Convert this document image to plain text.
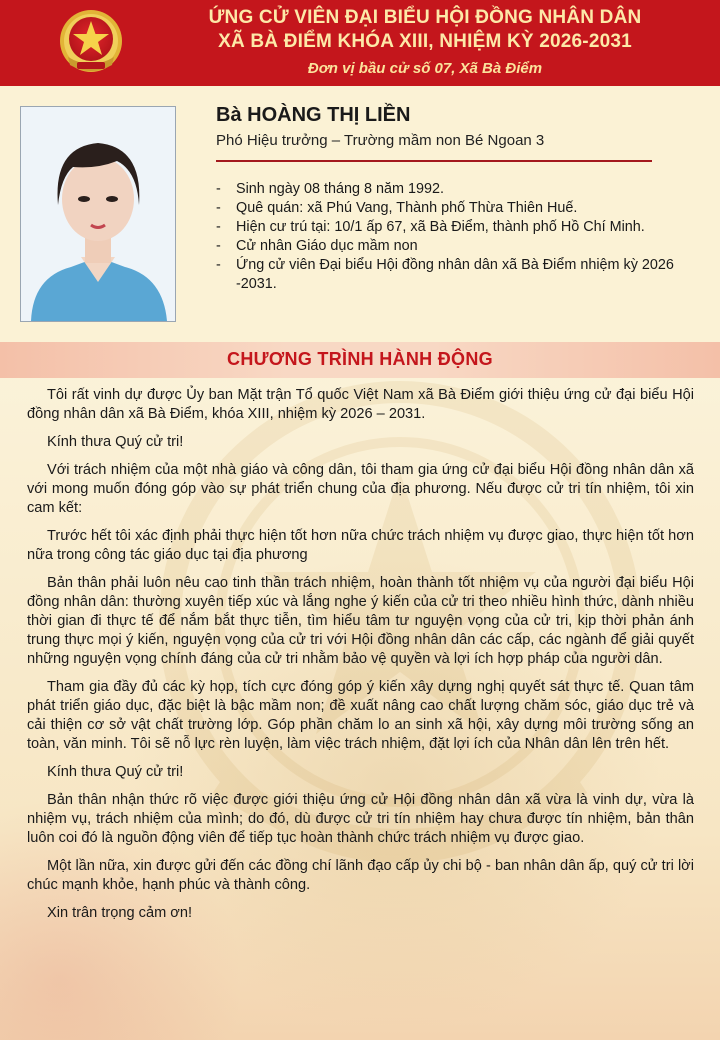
ỨNG CỬ VIÊN ĐẠI BIỂU HỘI ĐỒNG NHÂN DÂN
XÃ BÀ ĐIỂM KHÓA XIII, NHIỆM KỲ 2026-2031
Đơn vị bầu cử số 07, Xã Bà Điểm
Bà HOÀNG THỊ LIỀN
Phó Hiệu trưởng – Trường mầm non Bé Ngoan 3
- Sinh ngày 08 tháng 8 năm 1992.
- Quê quán: xã Phú Vang, Thành phố Thừa Thiên Huế.
- Hiện cư trú tại: 10/1 ấp 67, xã Bà Điểm, thành phố Hồ Chí Minh.
- Cử nhân Giáo dục mầm non
- Ứng cử viên Đại biểu Hội đồng nhân dân xã Bà Điểm nhiệm kỳ 2026 -2031.
CHƯƠNG TRÌNH HÀNH ĐỘNG

Tôi rất vinh dự được Ủy ban Mặt trận Tổ quốc Việt Nam xã Bà Điểm giới thiệu ứng cử đại biểu Hội đồng nhân dân xã Bà Điểm, khóa XIII, nhiệm kỳ 2026 – 2031.

Kính thưa Quý cử tri!

Với trách nhiệm của một nhà giáo và công dân, tôi tham gia ứng cử đại biểu Hội đồng nhân dân xã với mong muốn đóng góp vào sự phát triển chung của địa phương. Nếu được cử tri tín nhiệm, tôi xin cam kết:

Trước hết tôi xác định phải thực hiện tốt hơn nữa chức trách nhiệm vụ được giao, thực hiện tốt hơn nữa trong công tác giáo dục tại địa phương

Bản thân phải luôn nêu cao tinh thần trách nhiệm, hoàn thành tốt nhiệm vụ của người đại biểu Hội đồng nhân dân: thường xuyên tiếp xúc và lắng nghe ý kiến của cử tri theo nhiều hình thức, dành nhiều thời gian đi thực tế để nắm bắt thực tiễn, tìm hiểu tâm tư nguyện vọng của cử tri, kịp thời phản ánh trung thực mọi ý kiến, nguyện vọng của cử tri với Hội đồng nhân dân các cấp, các ngành để giải quyết những nguyện vọng chính đáng của cử tri nhằm bảo vệ quyền và lợi ích hợp pháp của người dân.

Tham gia đầy đủ các kỳ họp, tích cực đóng góp ý kiến xây dựng nghị quyết sát thực tế. Quan tâm phát triển giáo dục, đặc biệt là bậc mầm non; đề xuất nâng cao chất lượng chăm sóc, giáo dục trẻ và cải thiện cơ sở vật chất trường lớp. Góp phần chăm lo an sinh xã hội, xây dựng môi trường sống an toàn, văn minh. Tôi sẽ nỗ lực rèn luyện, làm việc trách nhiệm, đặt lợi ích của Nhân dân lên trên hết.

Kính thưa Quý cử tri!

Bản thân nhận thức rõ việc được giới thiệu ứng cử Hội đồng nhân dân xã vừa là vinh dự, vừa là nhiệm vụ, trách nhiệm của mình; do đó, dù được cử tri tín nhiệm hay chưa được tín nhiệm, bản thân luôn coi đó là nguồn động viên để tiếp tục hoàn thành chức trách nhiệm vụ được giao.

Một lần nữa, xin được gửi đến các đồng chí lãnh đạo cấp ủy chi bộ - ban nhân dân ấp, quý cử tri lời chúc mạnh khỏe, hạnh phúc và thành công.

Xin trân trọng cảm ơn!
